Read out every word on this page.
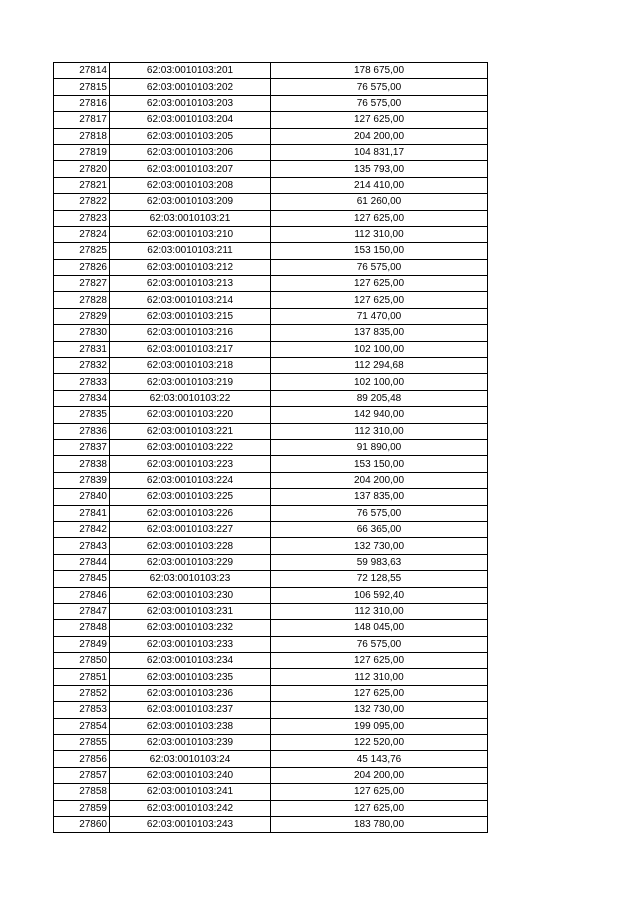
27814	62:03:0010103:201	178 675,00
27815	62:03:0010103:202	76 575,00
27816	62:03:0010103:203	76 575,00
27817	62:03:0010103:204	127 625,00
27818	62:03:0010103:205	204 200,00
27819	62:03:0010103:206	104 831,17
27820	62:03:0010103:207	135 793,00
27821	62:03:0010103:208	214 410,00
27822	62:03:0010103:209	61 260,00
27823	62:03:0010103:21	127 625,00
27824	62:03:0010103:210	112 310,00
27825	62:03:0010103:211	153 150,00
27826	62:03:0010103:212	76 575,00
27827	62:03:0010103:213	127 625,00
27828	62:03:0010103:214	127 625,00
27829	62:03:0010103:215	71 470,00
27830	62:03:0010103:216	137 835,00
27831	62:03:0010103:217	102 100,00
27832	62:03:0010103:218	112 294,68
27833	62:03:0010103:219	102 100,00
27834	62:03:0010103:22	89 205,48
27835	62:03:0010103:220	142 940,00
27836	62:03:0010103:221	112 310,00
27837	62:03:0010103:222	91 890,00
27838	62:03:0010103:223	153 150,00
27839	62:03:0010103:224	204 200,00
27840	62:03:0010103:225	137 835,00
27841	62:03:0010103:226	76 575,00
27842	62:03:0010103:227	66 365,00
27843	62:03:0010103:228	132 730,00
27844	62:03:0010103:229	59 983,63
27845	62:03:0010103:23	72 128,55
27846	62:03:0010103:230	106 592,40
27847	62:03:0010103:231	112 310,00
27848	62:03:0010103:232	148 045,00
27849	62:03:0010103:233	76 575,00
27850	62:03:0010103:234	127 625,00
27851	62:03:0010103:235	112 310,00
27852	62:03:0010103:236	127 625,00
27853	62:03:0010103:237	132 730,00
27854	62:03:0010103:238	199 095,00
27855	62:03:0010103:239	122 520,00
27856	62:03:0010103:24	45 143,76
27857	62:03:0010103:240	204 200,00
27858	62:03:0010103:241	127 625,00
27859	62:03:0010103:242	127 625,00
27860	62:03:0010103:243	183 780,00
